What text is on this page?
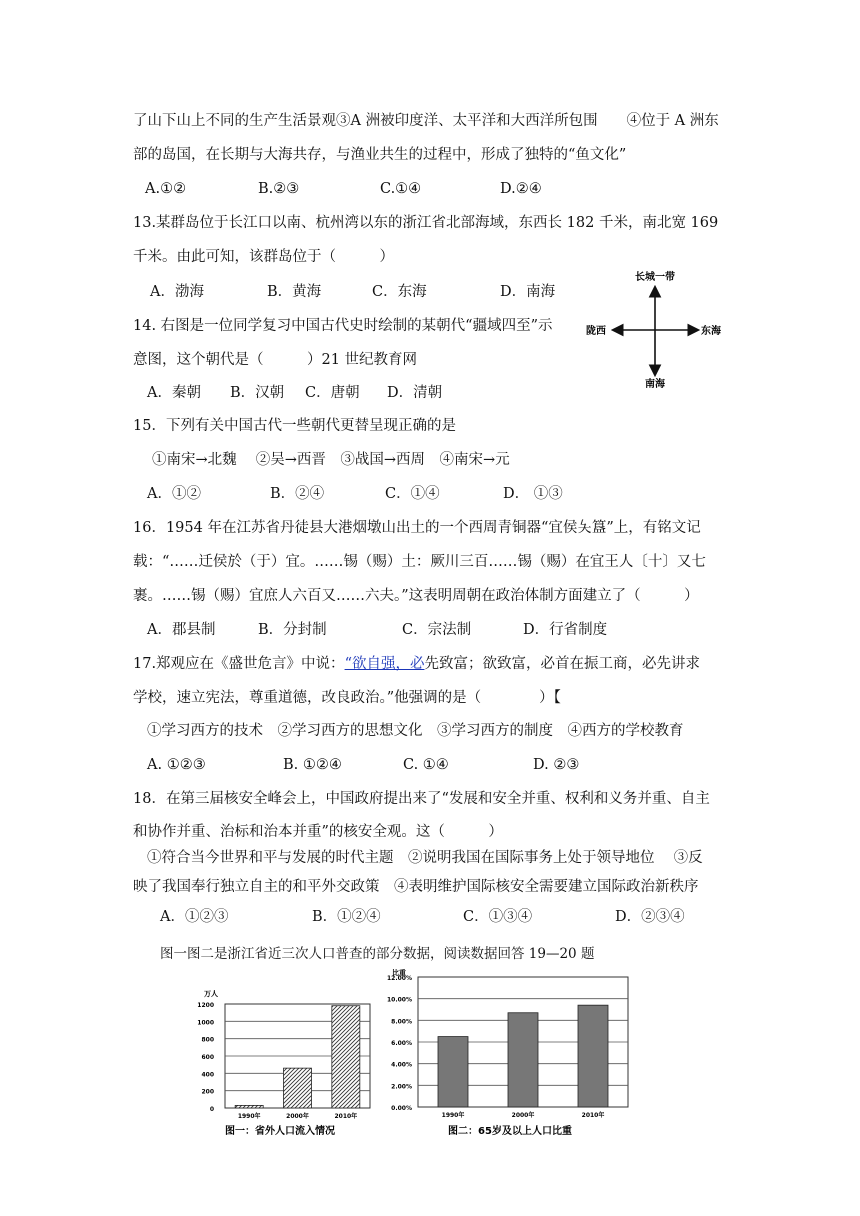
了山下山上不同的生产生活景观③A 洲被印度洋、太平洋和大西洋所包围　　④位于 A 洲东
部的岛国，在长期与大海共存，与渔业共生的过程中，形成了独特的“鱼文化”
A.①②	B.②③	C.①④	D.②④
13.某群岛位于长江口以南、杭州湾以东的浙江省北部海域，东西长 182 千米，南北宽 169
千米。由此可知，该群岛位于（　　　）
A．渤海	B．黄海	C．东海	D．南海
长城一带
陇西	东海
南海
14. 右图是一位同学复习中国古代史时绘制的某朝代“疆域四至”示
意图，这个朝代是（　　　）21 世纪教育网
A．秦朝 B．汉朝 C．唐朝 D．清朝
15．下列有关中国古代一些朝代更替呈现正确的是
①南宋→北魏　 ②吴→西晋　③战国→西周　④南宋→元
A．①②	B．②④	C．①④	D． ①③
16．1954 年在江苏省丹徒县大港烟墩山出土的一个西周青铜器“宜侯夨簋”上，有铭文记
载：“……迁侯於（于）宜。……锡（赐）土：厥川三百……锡（赐）在宜王人〔十〕又七
裹。……锡（赐）宜庶人六百又……六夫。”这表明周朝在政治体制方面建立了（　　　）
A．郡县制	B．分封制	C．宗法制	D．行省制度
17.郑观应在《盛世危言》中说：“欲自强，必先致富；欲致富，必首在振工商，必先讲求
学校，速立宪法，尊重道德，改良政治。”他强调的是（　　　　）【
①学习西方的技术　②学习西方的思想文化　③学习西方的制度　④西方的学校教育
A. ①②③	B. ①②④	C. ①④	D. ②③
18．在第三届核安全峰会上，中国政府提出来了“发展和安全并重、权利和义务并重、自主
和协作并重、治标和治本并重”的核安全观。这（　　　）
①符合当今世界和平与发展的时代主题　②说明我国在国际事务上处于领导地位　 ③反
映了我国奉行独立自主的和平外交政策　④表明维护国际核安全需要建立国际政治新秩序
A．①②③	B．①②④	C．①③④	D．②③④
图一图二是浙江省近三次人口普查的部分数据，阅读数据回答 19—20 题
0
200
400
600
800
1000
1200
万人
1990年	2000年	2010年
图一：省外人口流入情况
0.00%
2.00%
4.00%
6.00%
8.00%
10.00%
12.00%
比重
1990年	2000年	2010年
图二：65岁及以上人口比重
